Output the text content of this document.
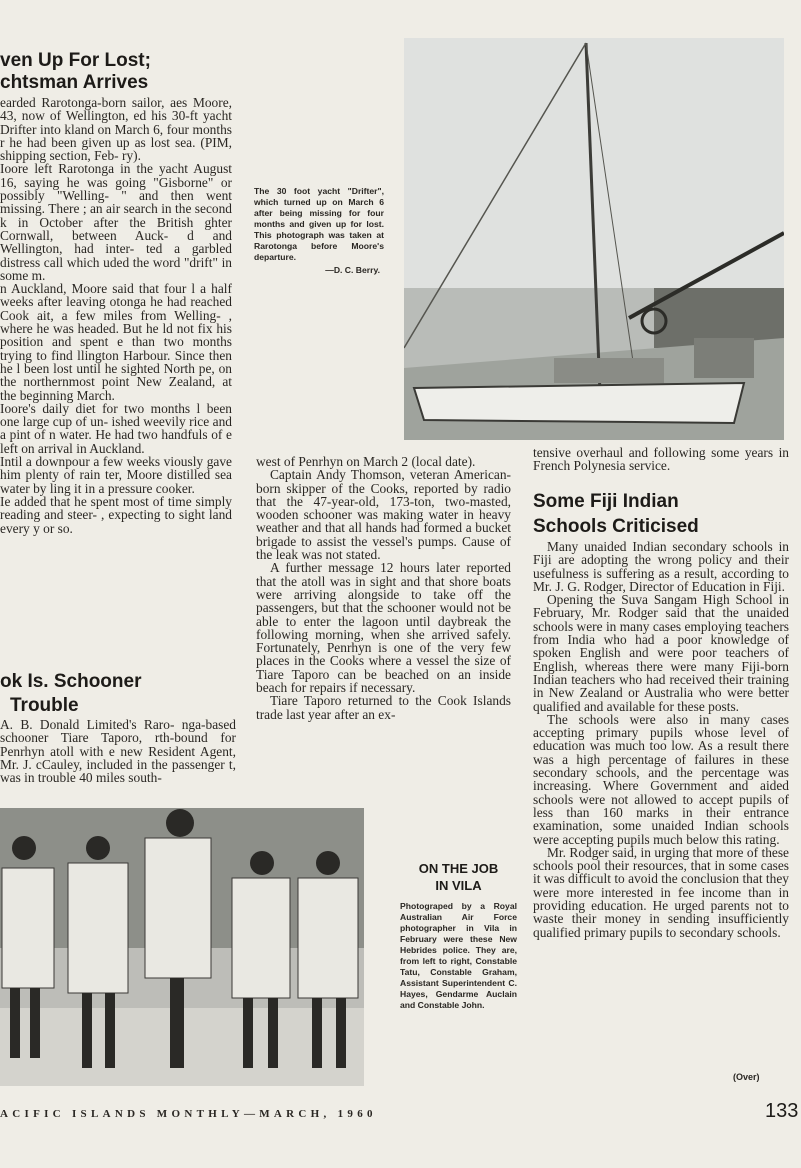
ven Up For Lost;
chtsman Arrives

earded Rarotonga-born sailor, aes Moore, 43, now of Wellington, ed his 30-ft yacht Drifter into kland on March 6, four months r he had been given up as lost sea. (PIM, shipping section, Feb- ry).

Ioore left Rarotonga in the yacht August 16, saying he was going "Gisborne" or possibly "Welling- " and then went missing. There ; an air search in the second k in October after the British ghter Cornwall, between Auck- d and Wellington, had inter- ted a garbled distress call which uded the word "drift" in some m.

n Auckland, Moore said that four l a half weeks after leaving otonga he had reached Cook ait, a few miles from Welling- , where he was headed. But he ld not fix his position and spent e than two months trying to find llington Harbour. Since then he l been lost until he sighted North pe, on the northernmost point New Zealand, at the beginning March.

Ioore's daily diet for two months l been one large cup of un- ished weevily rice and a pint of n water. He had two handfuls of e left on arrival in Auckland.

Intil a downpour a few weeks viously gave him plenty of rain ter, Moore distilled sea water by ling it in a pressure cooker.

Ie added that he spent most of time simply reading and steer- , expecting to sight land every y or so.

ok Is. Schooner
Trouble

A. B. Donald Limited's Raro- nga-based schooner Tiare Taporo, rth-bound for Penrhyn atoll with e new Resident Agent, Mr. J. cCauley, included in the passenger t, was in trouble 40 miles south-

The 30 foot yacht "Drifter", which turned up on March 6 after being missing for four months and given up for lost. This photograph was taken at Rarotonga before Moore's departure.
—D. C. Berry.

west of Penrhyn on March 2 (local date).

Captain Andy Thomson, veteran American-born skipper of the Cooks, reported by radio that the 47-year-old, 173-ton, two-masted, wooden schooner was making water in heavy weather and that all hands had formed a bucket brigade to assist the vessel's pumps. Cause of the leak was not stated.

A further message 12 hours later reported that the atoll was in sight and that shore boats were arriving alongside to take off the passengers, but that the schooner would not be able to enter the lagoon until daybreak the following morning, when she arrived safely. Fortunately, Penrhyn is one of the very few places in the Cooks where a vessel the size of Tiare Taporo can be beached on an inside beach for repairs if necessary.

Tiare Taporo returned to the Cook Islands trade last year after an ex-

tensive overhaul and following some years in French Polynesia service.

Some Fiji Indian
Schools Criticised

Many unaided Indian secondary schools in Fiji are adopting the wrong policy and their usefulness is suffering as a result, according to Mr. J. G. Rodger, Director of Education in Fiji.

Opening the Suva Sangam High School in February, Mr. Rodger said that the unaided schools were in many cases employing teachers from India who had a poor knowledge of spoken English and were poor teachers of English, whereas there were many Fiji-born Indian teachers who had received their training in New Zealand or Australia who were better qualified and available for these posts.

The schools were also in many cases accepting primary pupils whose level of education was much too low. As a result there was a high percentage of failures in these secondary schools, and the percentage was increasing. Where Government and aided schools were not allowed to accept pupils of less than 160 marks in their entrance examination, some unaided Indian schools were accepting pupils much below this rating.

Mr. Rodger said, in urging that more of these schools pool their resources, that in some cases it was difficult to avoid the conclusion that they were more interested in fee income than in providing education. He urged parents not to waste their money in sending insufficiently qualified primary pupils to secondary schools.

(Over)
ON THE JOB
IN VILA
Photograped by a Royal Australian Air Force photographer in Vila in February were these New Hebrides police. They are, from left to right, Constable Tatu, Constable Graham, Assistant Superintendent C. Hayes, Gendarme Auclain and Constable John.
ACIFIC ISLANDS MONTHLY—MARCH, 1960	133
